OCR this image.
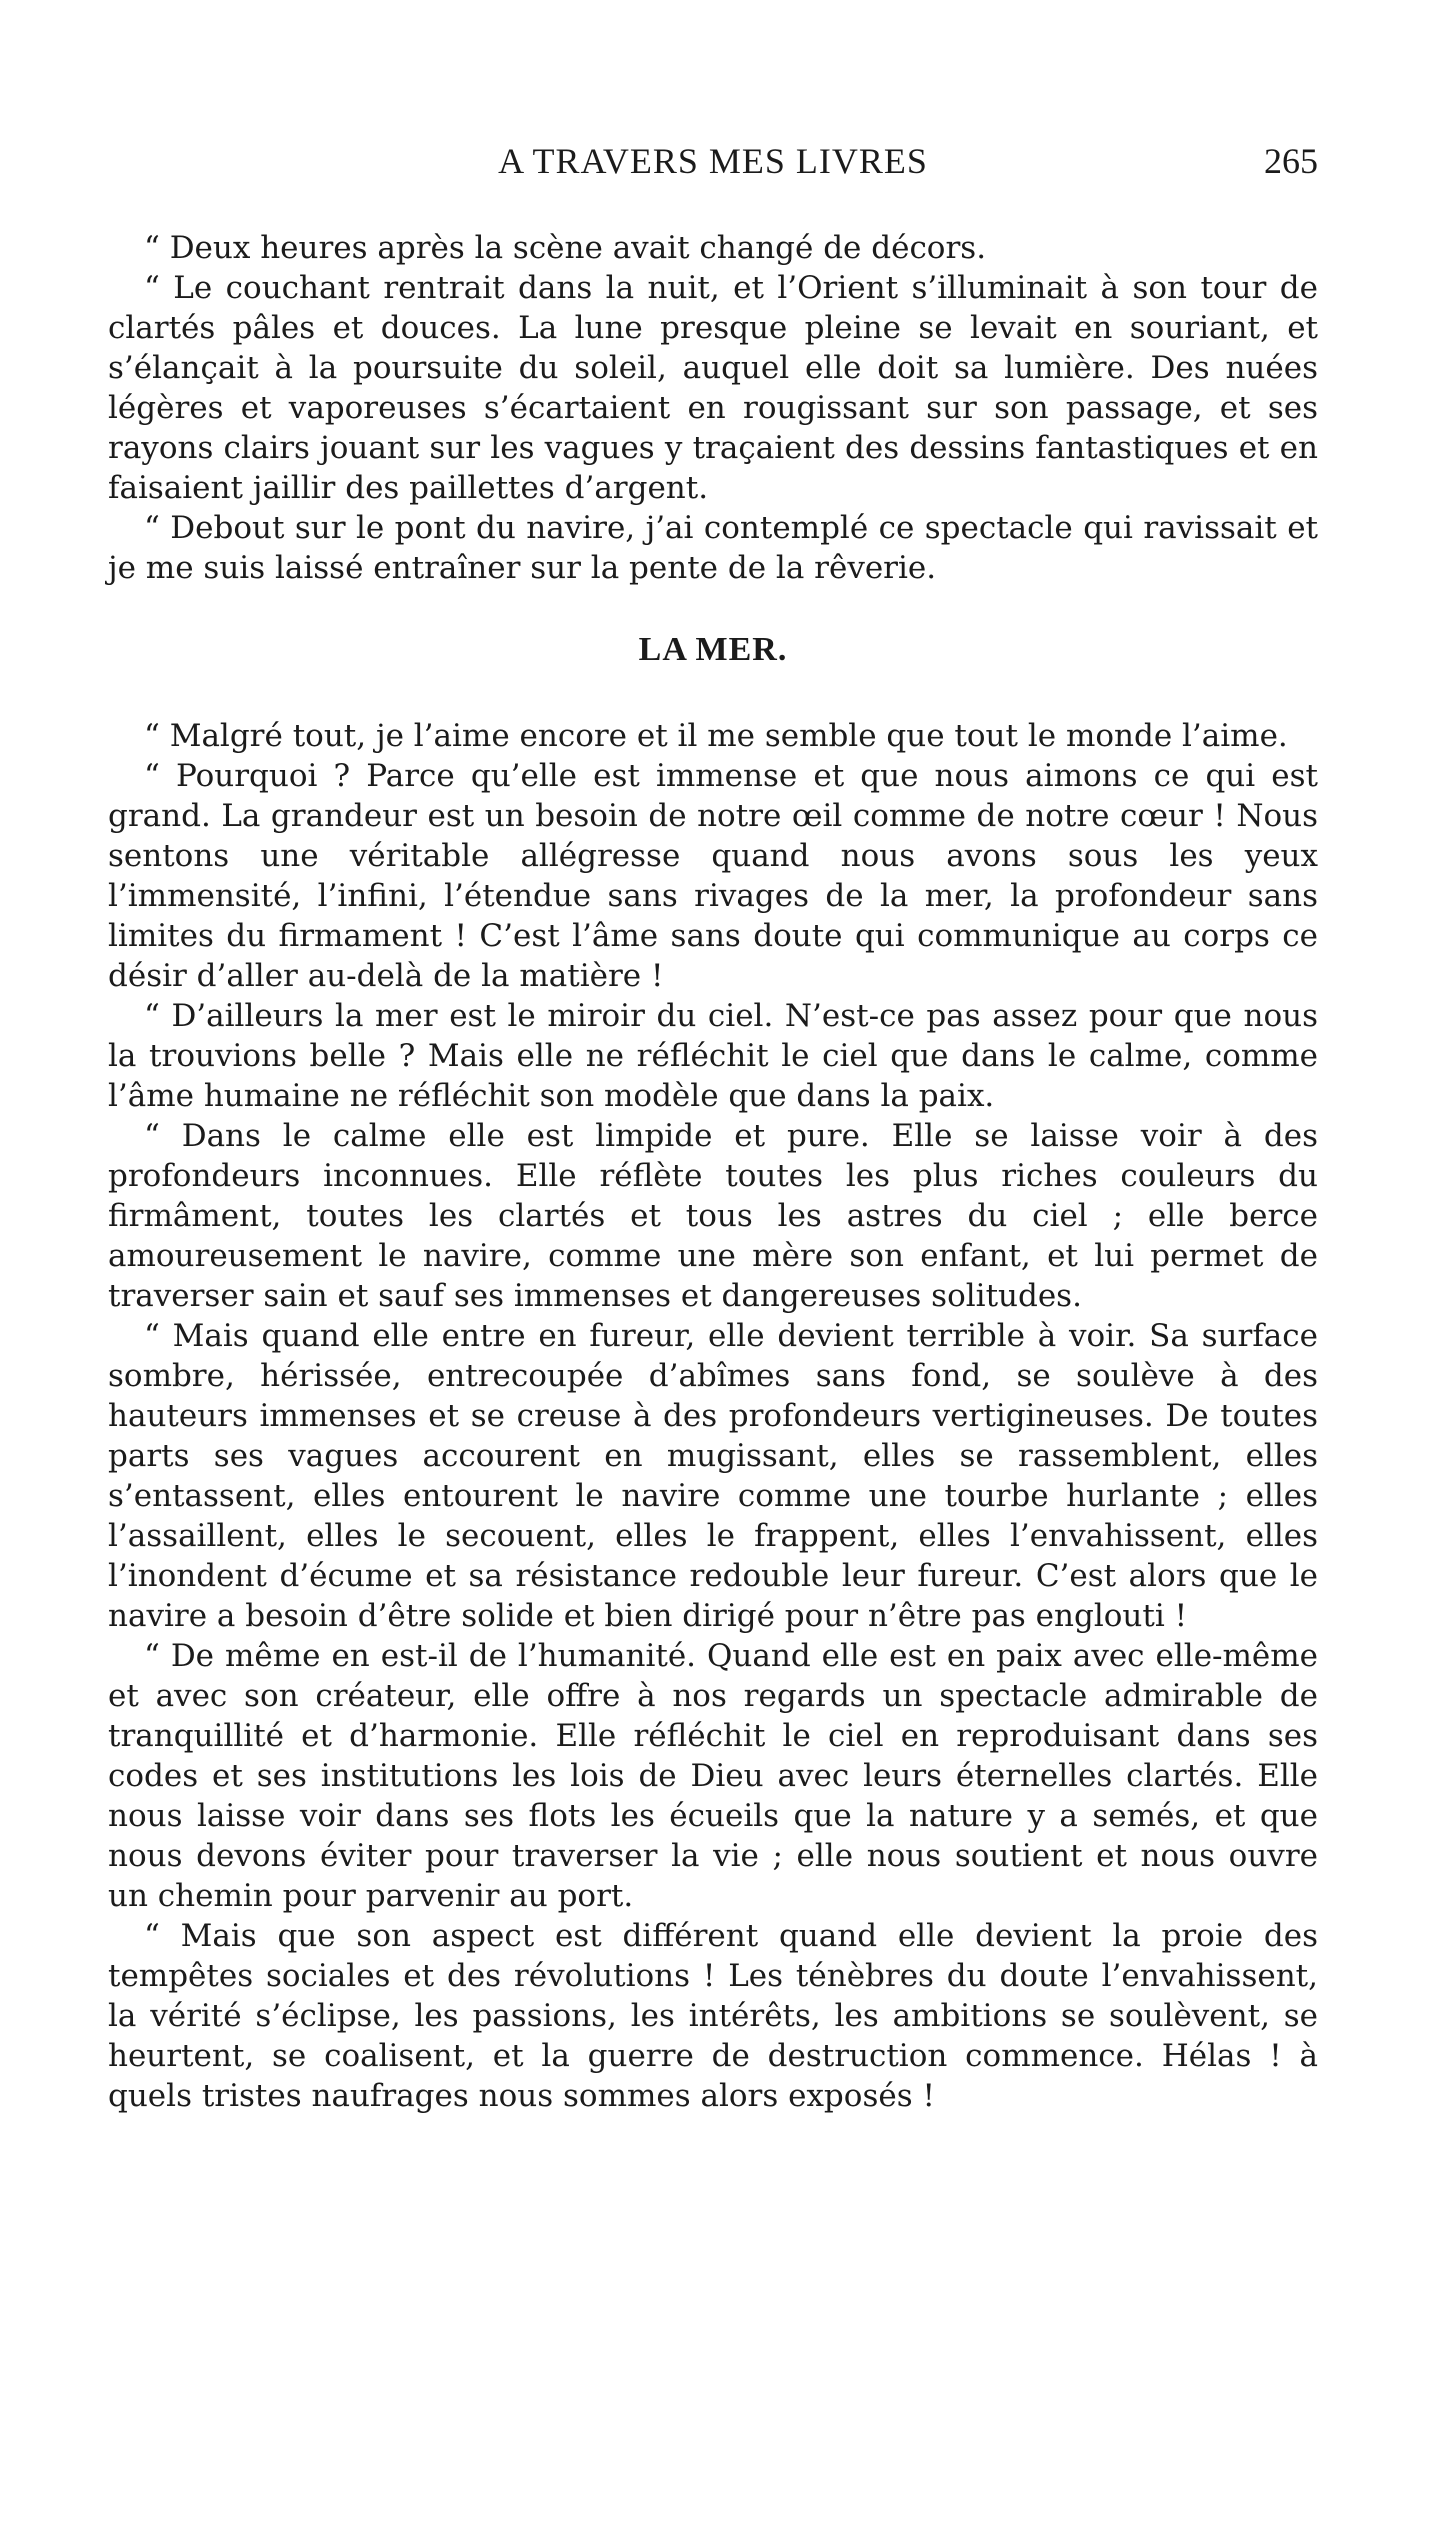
A TRAVERS MES LIVRES	265

“ Deux heures après la scène avait changé de décors.

“ Le couchant rentrait dans la nuit, et l’Orient s’illuminait à son tour de clartés pâles et douces. La lune presque pleine se levait en souriant, et s’élançait à la poursuite du soleil, auquel elle doit sa lumière. Des nuées légères et vaporeuses s’écartaient en rougissant sur son passage, et ses rayons clairs jouant sur les vagues y traçaient des dessins fantastiques et en faisaient jaillir des paillettes d’argent.

“ Debout sur le pont du navire, j’ai contemplé ce spectacle qui ravissait et je me suis laissé entraîner sur la pente de la rêverie.

LA MER.

“ Malgré tout, je l’aime encore et il me semble que tout le monde l’aime.

“ Pourquoi ? Parce qu’elle est immense et que nous aimons ce qui est grand. La grandeur est un besoin de notre œil comme de notre cœur ! Nous sentons une véritable allégresse quand nous avons sous les yeux l’immensité, l’infini, l’étendue sans rivages de la mer, la profondeur sans limites du firmament ! C’est l’âme sans doute qui communique au corps ce désir d’aller au-delà de la matière !

“ D’ailleurs la mer est le miroir du ciel. N’est-ce pas assez pour que nous la trouvions belle ? Mais elle ne réfléchit le ciel que dans le calme, comme l’âme humaine ne réfléchit son modèle que dans la paix.

“ Dans le calme elle est limpide et pure. Elle se laisse voir à des profondeurs inconnues. Elle réflète toutes les plus riches couleurs du firmâment, toutes les clartés et tous les astres du ciel ; elle berce amoureusement le navire, comme une mère son enfant, et lui permet de traverser sain et sauf ses immenses et dangereuses solitudes.

“ Mais quand elle entre en fureur, elle devient terrible à voir. Sa surface sombre, hérissée, entrecoupée d’abîmes sans fond, se soulève à des hauteurs immenses et se creuse à des profondeurs vertigineuses. De toutes parts ses vagues accourent en mugissant, elles se rassemblent, elles s’entassent, elles entourent le navire comme une tourbe hurlante ; elles l’assaillent, elles le secouent, elles le frappent, elles l’envahissent, elles l’inondent d’écume et sa résistance redouble leur fureur. C’est alors que le navire a besoin d’être solide et bien dirigé pour n’être pas englouti !

“ De même en est-il de l’humanité. Quand elle est en paix avec elle-même et avec son créateur, elle offre à nos regards un spectacle admirable de tranquillité et d’harmonie. Elle réfléchit le ciel en reproduisant dans ses codes et ses institutions les lois de Dieu avec leurs éternelles clartés. Elle nous laisse voir dans ses flots les écueils que la nature y a semés, et que nous devons éviter pour traverser la vie ; elle nous soutient et nous ouvre un chemin pour parvenir au port.

“ Mais que son aspect est différent quand elle devient la proie des tempêtes sociales et des révolutions ! Les ténèbres du doute l’envahissent, la vérité s’éclipse, les passions, les intérêts, les ambitions se soulèvent, se heurtent, se coalisent, et la guerre de destruction commence. Hélas ! à quels tristes naufrages nous sommes alors exposés !
